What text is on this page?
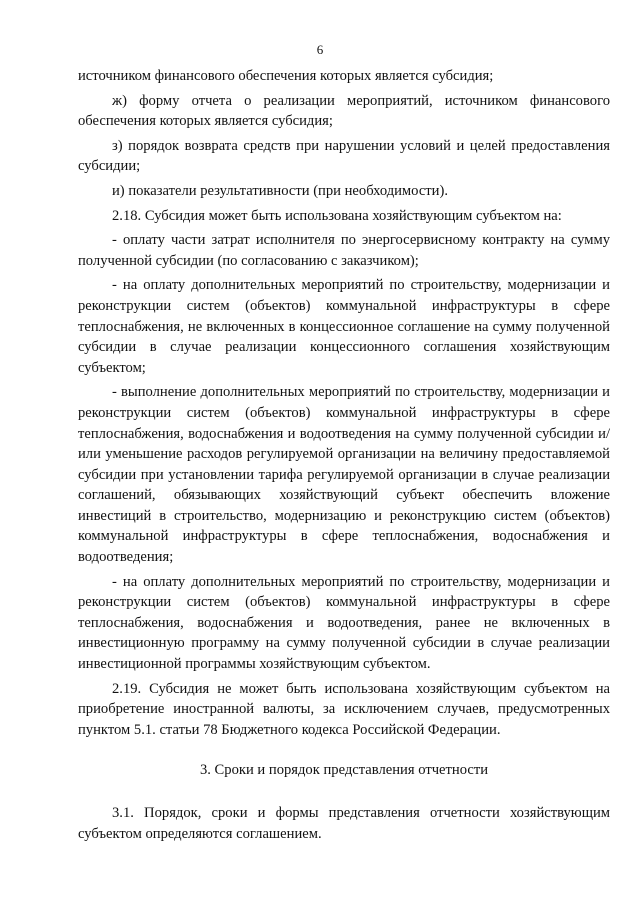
6

источником финансового обеспечения которых является субсидия;

ж) форму отчета о реализации мероприятий, источником финансового обеспечения которых является субсидия;

з) порядок возврата средств при нарушении условий и целей предоставления субсидии;

и) показатели результативности (при необходимости).

2.18. Субсидия может быть использована хозяйствующим субъектом на:

- оплату части затрат исполнителя по энергосервисному контракту на сумму полученной субсидии (по согласованию с заказчиком);

- на оплату дополнительных мероприятий по строительству, модернизации и реконструкции систем (объектов) коммунальной инфраструктуры в сфере теплоснабжения, не включенных в концессионное соглашение на сумму полученной субсидии в случае реализации концессионного соглашения хозяйствующим субъектом;

- выполнение дополнительных мероприятий по строительству, модернизации и реконструкции систем (объектов) коммунальной инфраструктуры в сфере теплоснабжения, водоснабжения и водоотведения на сумму полученной субсидии и/или уменьшение расходов регулируемой организации на величину предоставляемой субсидии при установлении тарифа регулируемой организации в случае реализации соглашений, обязывающих хозяйствующий субъект обеспечить вложение инвестиций в строительство, модернизацию и реконструкцию систем (объектов) коммунальной инфраструктуры в сфере теплоснабжения, водоснабжения и водоотведения;

- на оплату дополнительных мероприятий по строительству, модернизации и реконструкции систем (объектов) коммунальной инфраструктуры в сфере теплоснабжения, водоснабжения и водоотведения, ранее не включенных в инвестиционную программу на сумму полученной субсидии в случае реализации инвестиционной программы хозяйствующим субъектом.

2.19. Субсидия не может быть использована хозяйствующим субъектом на приобретение иностранной валюты, за исключением случаев, предусмотренных пунктом 5.1. статьи 78 Бюджетного кодекса Российской Федерации.

3. Сроки и порядок представления отчетности

3.1. Порядок, сроки и формы представления отчетности хозяйствующим субъектом определяются соглашением.
